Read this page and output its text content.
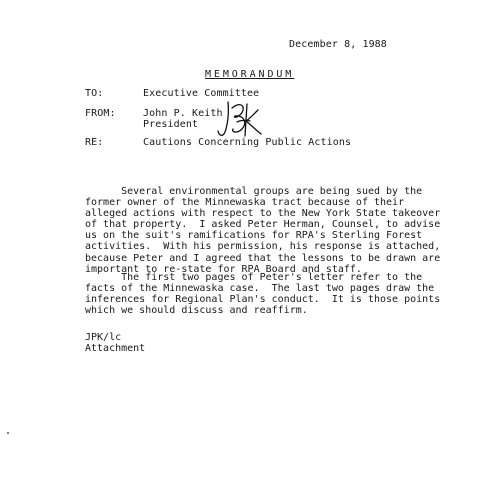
December 8, 1988
MEMORANDUM
TO:	Executive Committee
FROM:	John P. Keith
President
RE:	Cautions Concerning Public Actions
Several environmental groups are being sued by the
former owner of the Minnewaska tract because of their
alleged actions with respect to the New York State takeover
of that property.  I asked Peter Herman, Counsel, to advise
us on the suit's ramifications for RPA's Sterling Forest
activities.  With his permission, his response is attached,
because Peter and I agreed that the lessons to be drawn are
important to re-state for RPA Board and staff.
The first two pages of Peter's letter refer to the
facts of the Minnewaska case.  The last two pages draw the
inferences for Regional Plan's conduct.  It is those points
which we should discuss and reaffirm.
JPK/lc
Attachment
